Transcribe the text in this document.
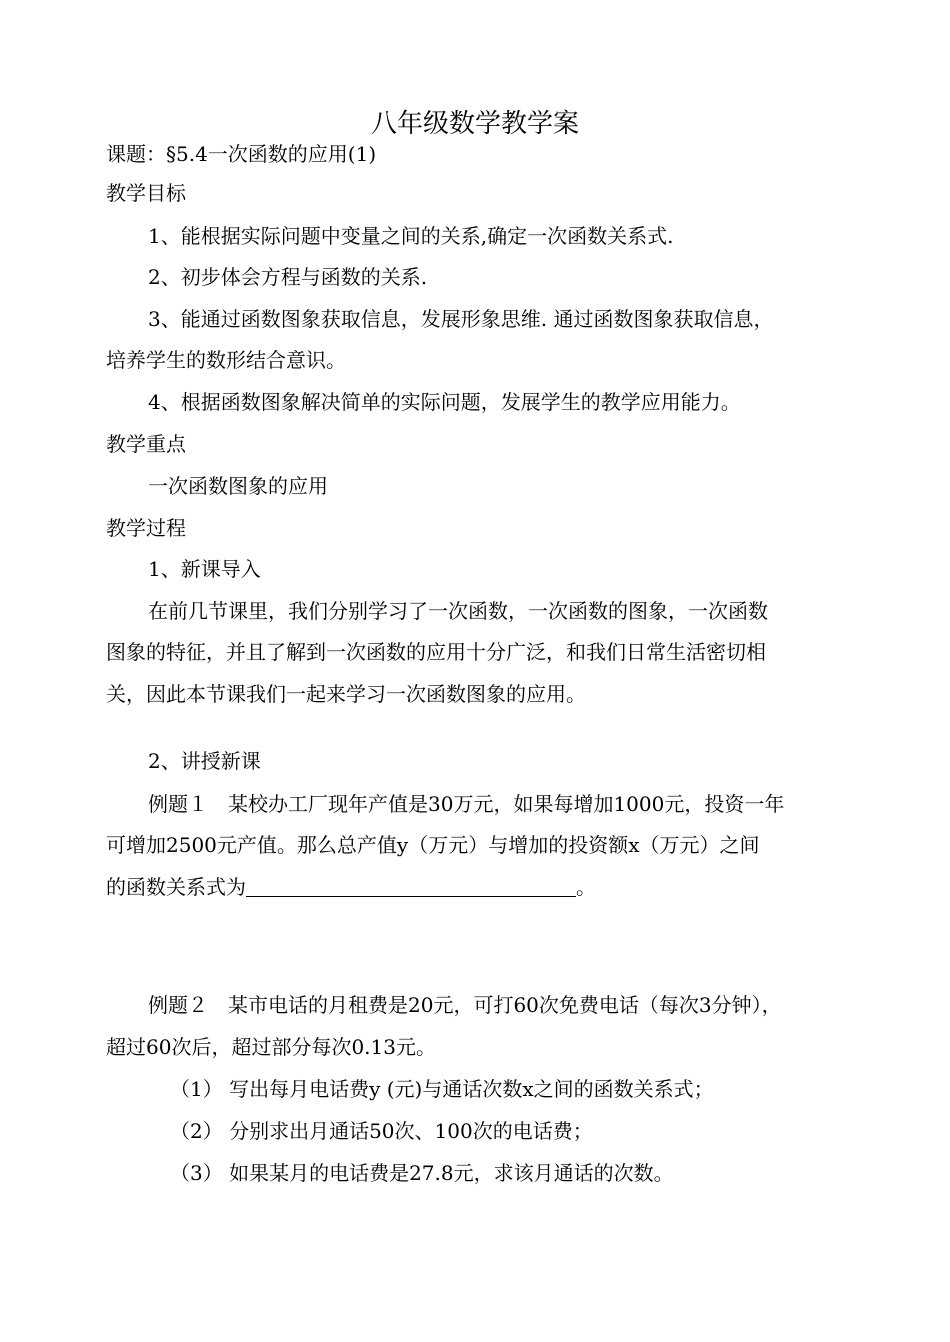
八年级数学教学案
课题：§5.4一次函数的应用(1)
教学目标
1、能根据实际问题中变量之间的关系,确定一次函数关系式.
2、初步体会方程与函数的关系.
3、能通过函数图象获取信息，发展形象思维. 通过函数图象获取信息，
培养学生的数形结合意识。
4、根据函数图象解决简单的实际问题，发展学生的教学应用能力。
教学重点
一次函数图象的应用
教学过程
1、新课导入
在前几节课里，我们分别学习了一次函数，一次函数的图象，一次函数
图象的特征，并且了解到一次函数的应用十分广泛，和我们日常生活密切相
关，因此本节课我们一起来学习一次函数图象的应用。
2、讲授新课
例题１　某校办工厂现年产值是30万元，如果每增加1000元，投资一年
可增加2500元产值。那么总产值y（万元）与增加的投资额x（万元）之间
的函数关系式为	。
例题２　某市电话的月租费是20元，可打60次免费电话（每次3分钟），
超过60次后，超过部分每次0.13元。
（1） 写出每月电话费y (元)与通话次数x之间的函数关系式；
（2） 分别求出月通话50次、100次的电话费；
（3） 如果某月的电话费是27.8元，求该月通话的次数。
